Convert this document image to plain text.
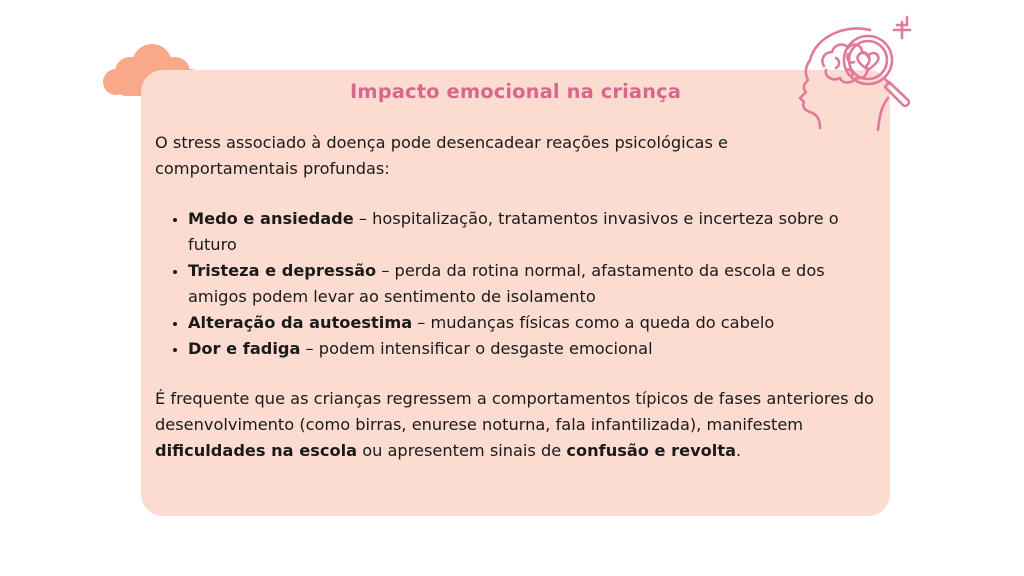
Impacto emocional na criança

O stress associado à doença pode desencadear reações psicológicas e comportamentais profundas:

• Medo e ansiedade – hospitalização, tratamentos invasivos e incerteza sobre o futuro
• Tristeza e depressão – perda da rotina normal, afastamento da escola e dos amigos podem levar ao sentimento de isolamento
• Alteração da autoestima – mudanças físicas como a queda do cabelo
• Dor e fadiga – podem intensificar o desgaste emocional

É frequente que as crianças regressem a comportamentos típicos de fases anteriores do desenvolvimento (como birras, enurese noturna, fala infantilizada), manifestem dificuldades na escola ou apresentem sinais de confusão e revolta.
